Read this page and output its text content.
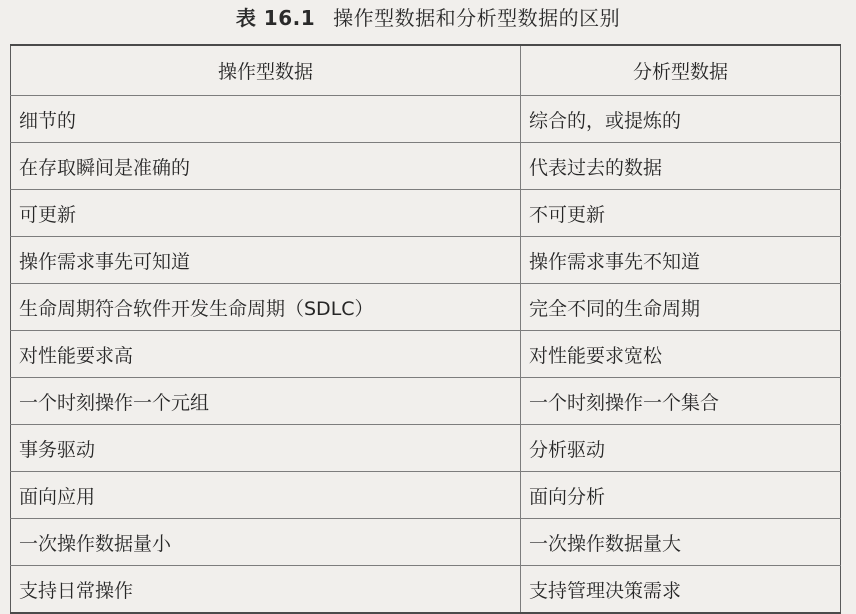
表 16.1 操作型数据和分析型数据的区别
操作型数据	分析型数据
细节的	综合的，或提炼的
在存取瞬间是准确的	代表过去的数据
可更新	不可更新
操作需求事先可知道	操作需求事先不知道
生命周期符合软件开发生命周期（SDLC）	完全不同的生命周期
对性能要求高	对性能要求宽松
一个时刻操作一个元组	一个时刻操作一个集合
事务驱动	分析驱动
面向应用	面向分析
一次操作数据量小	一次操作数据量大
支持日常操作	支持管理决策需求
